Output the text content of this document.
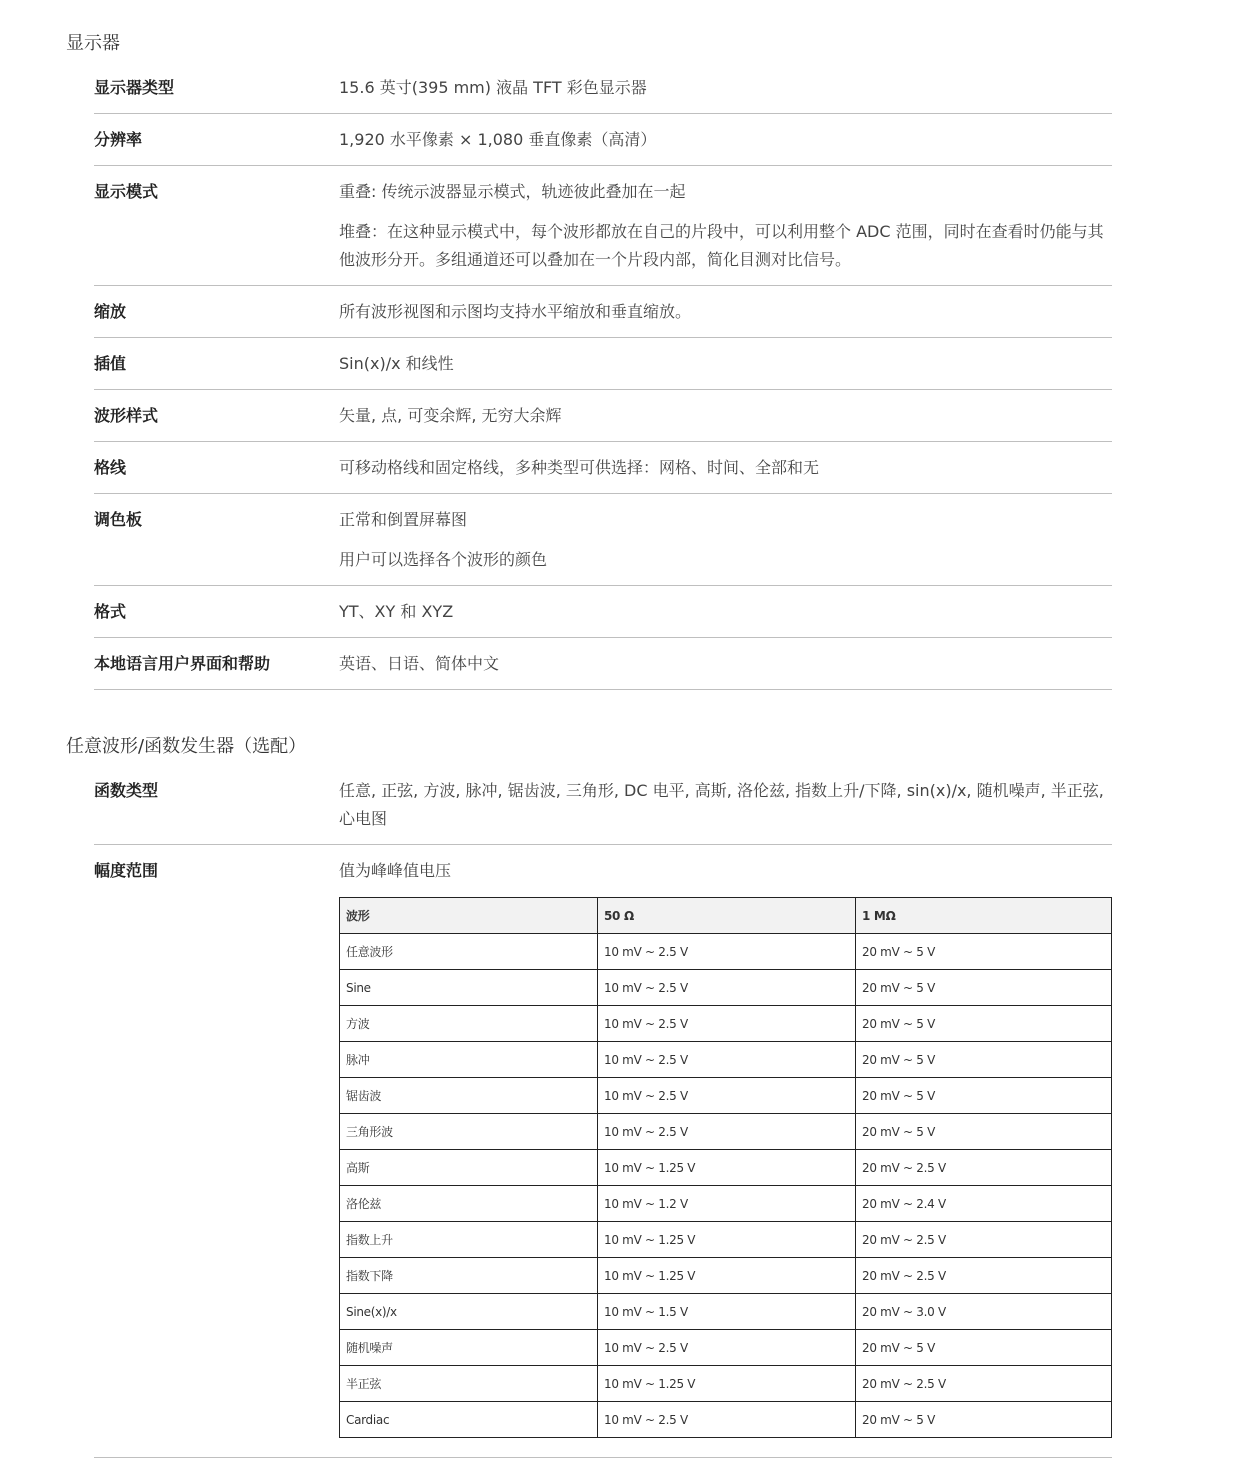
显示器
显示器类型	15.6 英寸(395 mm) 液晶 TFT 彩色显示器

分辨率	1,920 水平像素 × 1,080 垂直像素（高清）

显示模式	重叠: 传统示波器显示模式，轨迹彼此叠加在一起

堆叠：在这种显示模式中，每个波形都放在自己的片段中，可以利用整个 ADC 范围，同时在查看时仍能与其他波形分开。多组通道还可以叠加在一个片段内部，简化目测对比信号。

缩放	所有波形视图和示图均支持水平缩放和垂直缩放。

插值	Sin(x)/x 和线性

波形样式	矢量, 点, 可变余辉, 无穷大余辉

格线	可移动格线和固定格线，多种类型可供选择：网格、时间、全部和无

调色板	正常和倒置屏幕图

用户可以选择各个波形的颜色

格式	YT、XY 和 XYZ

本地语言用户界面和帮助	英语、日语、简体中文

任意波形/函数发生器（选配）
函数类型	任意, 正弦, 方波, 脉冲, 锯齿波, 三角形, DC 电平, 高斯, 洛伦兹, 指数上升/下降, sin(x)/x, 随机噪声, 半正弦, 心电图

幅度范围	值为峰峰值电压

波形	50 Ω	1 MΩ
任意波形	10 mV ~ 2.5 V	20 mV ~ 5 V
Sine	10 mV ~ 2.5 V	20 mV ~ 5 V
方波	10 mV ~ 2.5 V	20 mV ~ 5 V
脉冲	10 mV ~ 2.5 V	20 mV ~ 5 V
锯齿波	10 mV ~ 2.5 V	20 mV ~ 5 V
三角形波	10 mV ~ 2.5 V	20 mV ~ 5 V
高斯	10 mV ~ 1.25 V	20 mV ~ 2.5 V
洛伦兹	10 mV ~ 1.2 V	20 mV ~ 2.4 V
指数上升	10 mV ~ 1.25 V	20 mV ~ 2.5 V
指数下降	10 mV ~ 1.25 V	20 mV ~ 2.5 V
Sine(x)/x	10 mV ~ 1.5 V	20 mV ~ 3.0 V
随机噪声	10 mV ~ 2.5 V	20 mV ~ 5 V
半正弦	10 mV ~ 1.25 V	20 mV ~ 2.5 V
Cardiac	10 mV ~ 2.5 V	20 mV ~ 5 V
